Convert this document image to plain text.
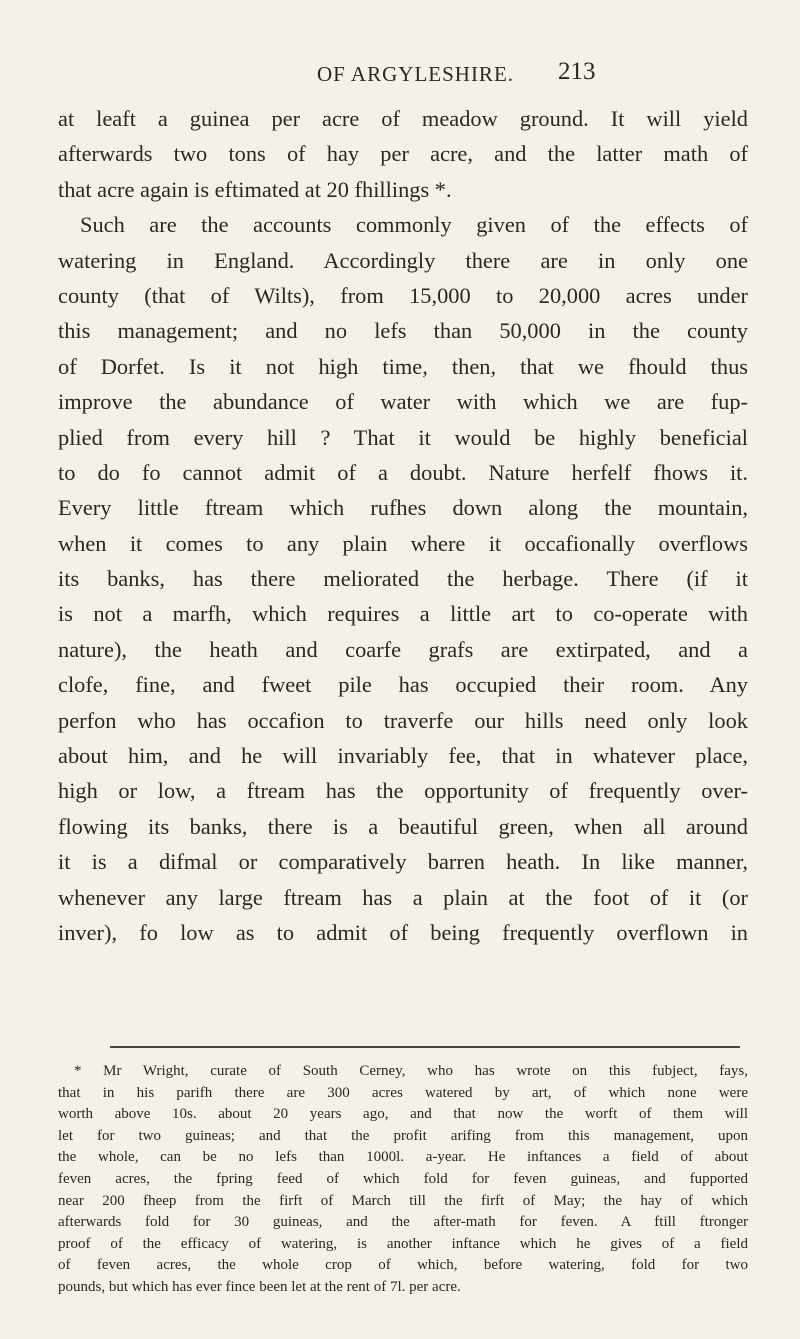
OF ARGYLESHIRE. 213
at leaft a guinea per acre of meadow ground. It will yield
afterwards two tons of hay per acre, and the latter math of
that acre again is eftimated at 20 fhillings *.
Such are the accounts commonly given of the effects of
watering in England. Accordingly there are in only one
county (that of Wilts), from 15,000 to 20,000 acres under
this management; and no lefs than 50,000 in the county
of Dorfet. Is it not high time, then, that we fhould thus
improve the abundance of water with which we are fup-
plied from every hill ? That it would be highly beneficial
to do fo cannot admit of a doubt. Nature herfelf fhows it.
Every little ftream which rufhes down along the mountain,
when it comes to any plain where it occafionally overflows
its banks, has there meliorated the herbage. There (if it
is not a marfh, which requires a little art to co-operate with
nature), the heath and coarfe grafs are extirpated, and a
clofe, fine, and fweet pile has occupied their room. Any
perfon who has occafion to traverfe our hills need only look
about him, and he will invariably fee, that in whatever place,
high or low, a ftream has the opportunity of frequently over-
flowing its banks, there is a beautiful green, when all around
it is a difmal or comparatively barren heath. In like manner,
whenever any large ftream has a plain at the foot of it (or
inver), fo low as to admit of being frequently overflown in
* Mr Wright, curate of South Cerney, who has wrote on this fubject, fays,
that in his parifh there are 300 acres watered by art, of which none were
worth above 10s. about 20 years ago, and that now the worft of them will
let for two guineas; and that the profit arifing from this management, upon
the whole, can be no lefs than 1000l. a-year. He inftances a field of about
feven acres, the fpring feed of which fold for feven guineas, and fupported
near 200 fheep from the firft of March till the firft of May; the hay of which
afterwards fold for 30 guineas, and the after-math for feven. A ftill ftronger
proof of the efficacy of watering, is another inftance which he gives of a field
of feven acres, the whole crop of which, before watering, fold for two
pounds, but which has ever fince been let at the rent of 7l. per acre.
